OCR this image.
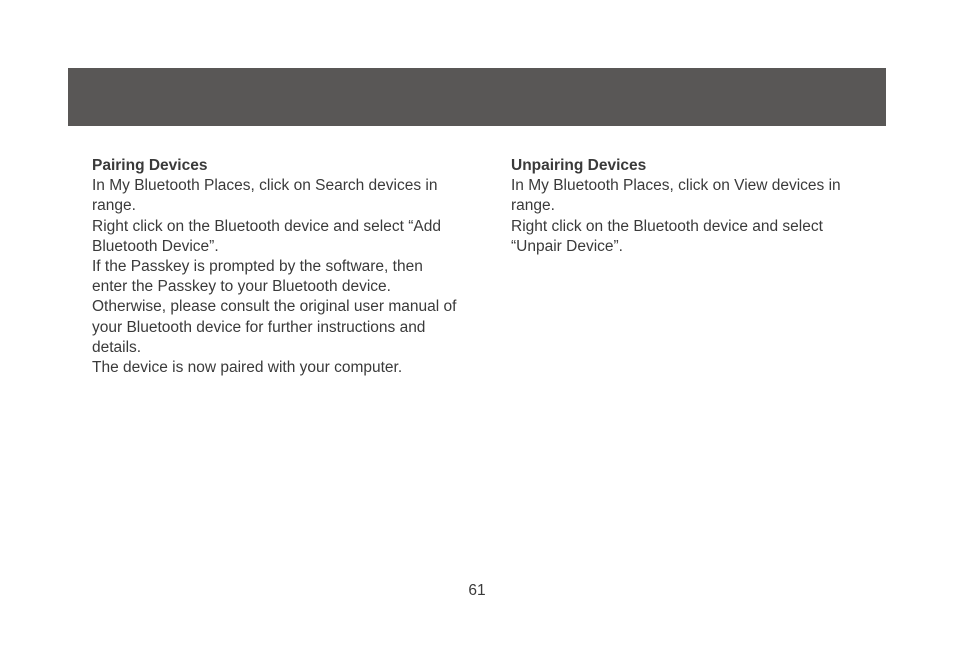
Pairing Devices

In My Bluetooth Places, click on Search devices in range.

Right click on the Bluetooth device and select “Add Bluetooth Device”.

If the Passkey is prompted by the software, then enter the Passkey to your Bluetooth device.

Otherwise, please consult the original user manual of your Bluetooth device for further instructions and details.

The device is now paired with your computer.

Unpairing Devices

In My Bluetooth Places, click on View devices in range.

Right click on the Bluetooth device and select “Unpair Device”.

61
